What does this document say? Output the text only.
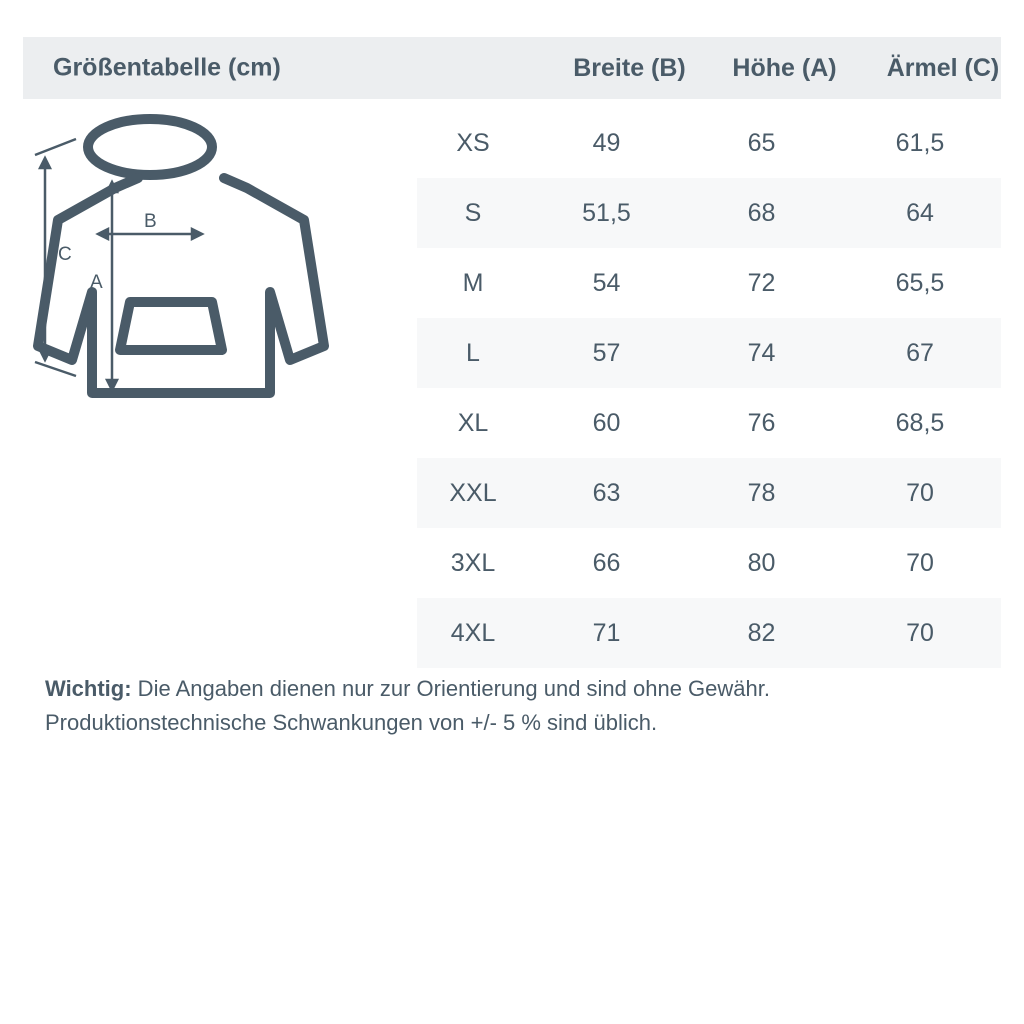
Größentabelle (cm)	Breite (B)	Höhe (A)	Ärmel (C)
B
A
C
XS	49	65	61,5
S	51,5	68	64
M	54	72	65,5
L	57	74	67
XL	60	76	68,5
XXL	63	78	70
3XL	66	80	70
4XL	71	82	70
Wichtig: Die Angaben dienen nur zur Orientierung und sind ohne Gewähr.
Produktionstechnische Schwankungen von +/- 5 % sind üblich.
